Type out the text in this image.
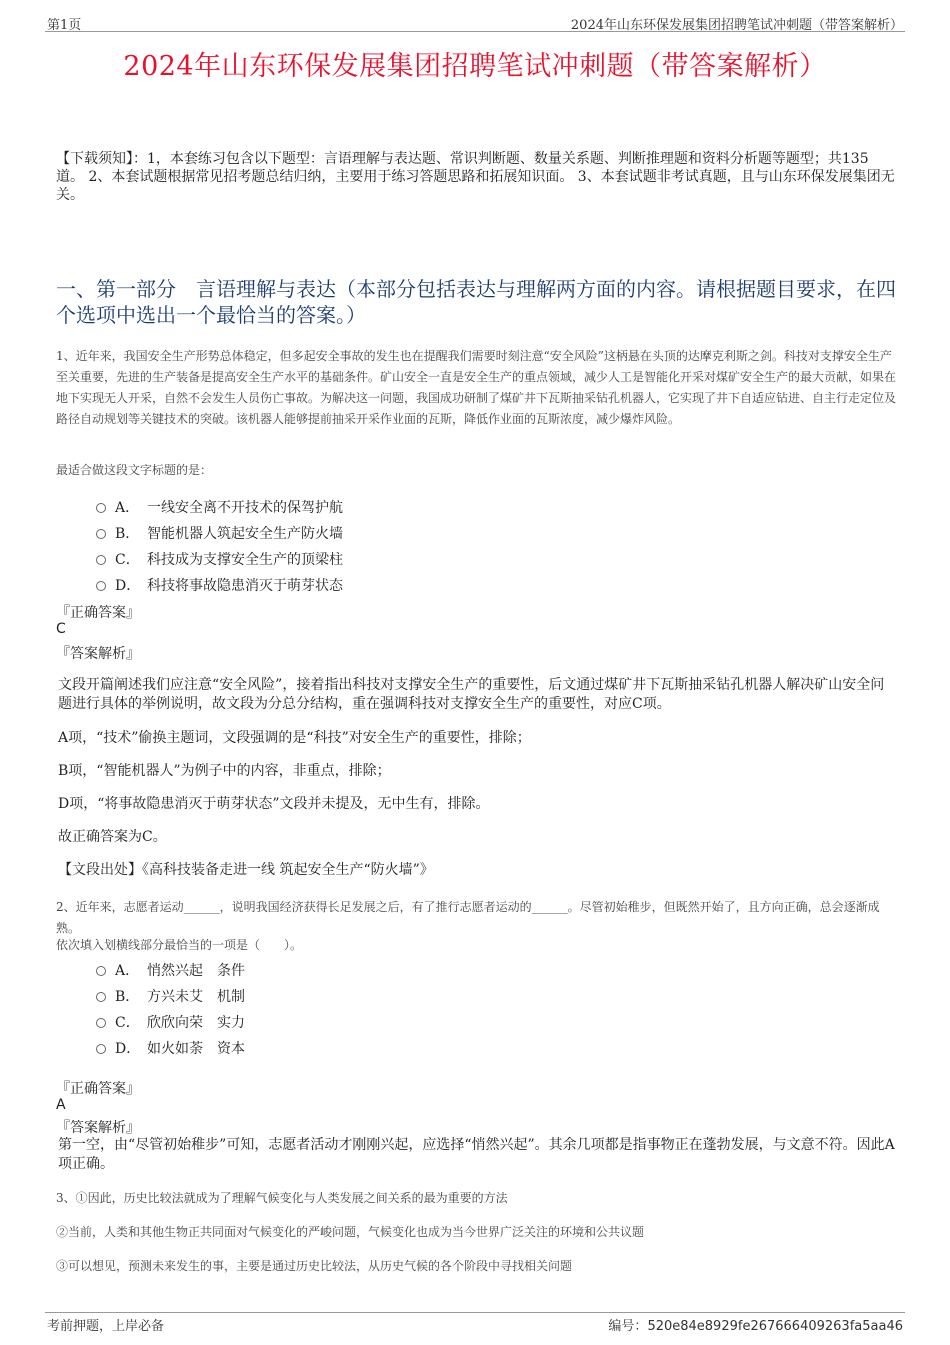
第1页	2024年山东环保发展集团招聘笔试冲刺题（带答案解析）
2024年山东环保发展集团招聘笔试冲刺题（带答案解析）
【下载须知】：1，本套练习包含以下题型：言语理解与表达题、常识判断题、数量关系题、判断推理题和资料分析题等题型；共135道。 2、本套试题根据常见招考题总结归纳，主要用于练习答题思路和拓展知识面。 3、本套试题非考试真题，且与山东环保发展集团无关。
一、第一部分　言语理解与表达（本部分包括表达与理解两方面的内容。请根据题目要求，在四个选项中选出一个最恰当的答案。）
1、近年来，我国安全生产形势总体稳定，但多起安全事故的发生也在提醒我们需要时刻注意“安全风险”这柄悬在头顶的达摩克利斯之剑。科技对支撑安全生产至关重要，先进的生产装备是提高安全生产水平的基础条件。矿山安全一直是安全生产的重点领域，减少人工是智能化开采对煤矿安全生产的最大贡献，如果在地下实现无人开采，自然不会发生人员伤亡事故。为解决这一问题，我国成功研制了煤矿井下瓦斯抽采钻孔机器人，它实现了井下自适应钻进、自主行走定位及路径自动规划等关键技术的突破。该机器人能够提前抽采开采作业面的瓦斯，降低作业面的瓦斯浓度，减少爆炸风险。
最适合做这段文字标题的是：
A． 一线安全离不开技术的保驾护航
B． 智能机器人筑起安全生产防火墙
C． 科技成为支撑安全生产的顶梁柱
D． 科技将事故隐患消灭于萌芽状态
『正确答案』
C
『答案解析』
文段开篇阐述我们应注意“安全风险”，接着指出科技对支撑安全生产的重要性，后文通过煤矿井下瓦斯抽采钻孔机器人解决矿山安全问题进行具体的举例说明，故文段为分总分结构，重在强调科技对支撑安全生产的重要性，对应C项。
A项，“技术”偷换主题词，文段强调的是“科技”对安全生产的重要性，排除；
B项，“智能机器人”为例子中的内容，非重点，排除；
D项，“将事故隐患消灭于萌芽状态”文段并未提及，无中生有，排除。
故正确答案为C。
【文段出处】《高科技装备走进一线 筑起安全生产“防火墙”》
2、近年来，志愿者运动______，说明我国经济获得长足发展之后，有了推行志愿者运动的______。尽管初始稚步，但既然开始了，且方向正确，总会逐渐成熟。
依次填入划横线部分最恰当的一项是（　　）。
A． 悄然兴起　条件
B． 方兴未艾　机制
C． 欣欣向荣　实力
D． 如火如荼　资本
『正确答案』
A
『答案解析』
第一空，由“尽管初始稚步”可知，志愿者活动才刚刚兴起，应选择“悄然兴起”。其余几项都是指事物正在蓬勃发展，与文意不符。因此A项正确。
3、①因此，历史比较法就成为了理解气候变化与人类发展之间关系的最为重要的方法
②当前，人类和其他生物正共同面对气候变化的严峻问题，气候变化也成为当今世界广泛关注的环境和公共议题
③可以想见，预测未来发生的事，主要是通过历史比较法，从历史气候的各个阶段中寻找相关问题
考前押题，上岸必备	编号：520e84e8929fe267666409263fa5aa46
